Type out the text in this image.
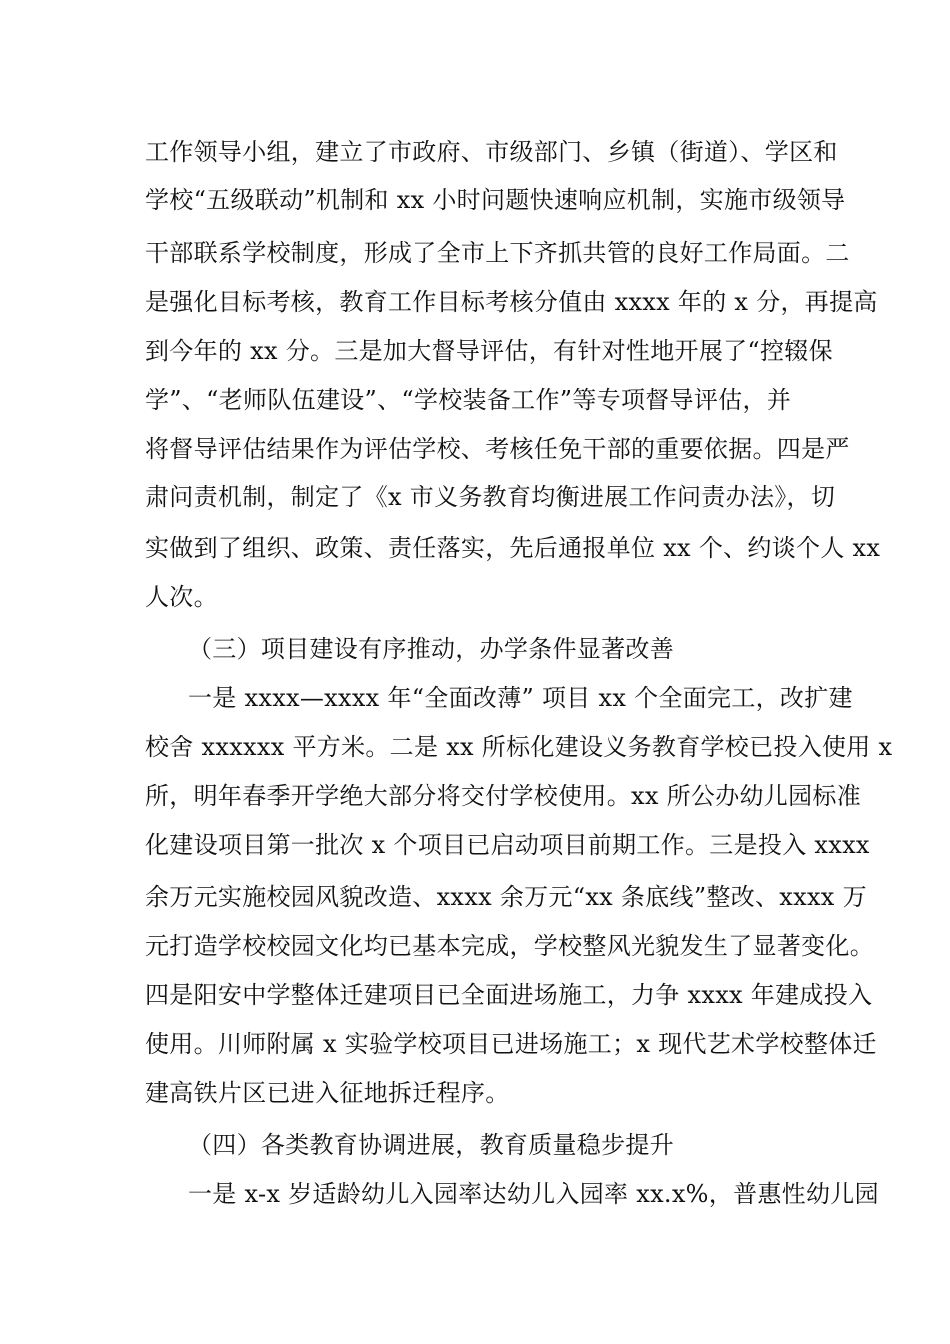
工作领导小组，建立了市政府、市级部门、乡镇（街道）、学区和
学校“五级联动”机制和 xx 小时问题快速响应机制，实施市级领导
干部联系学校制度，形成了全市上下齐抓共管的良好工作局面。二
是强化目标考核，教育工作目标考核分值由 xxxx 年的 x 分，再提高
到今年的 xx 分。三是加大督导评估，有针对性地开展了“控辍保
学”、“老师队伍建设”、“学校装备工作”等专项督导评估，并
将督导评估结果作为评估学校、考核任免干部的重要依据。四是严
肃问责机制，制定了《x 市义务教育均衡进展工作问责办法》，切
实做到了组织、政策、责任落实，先后通报单位 xx 个、约谈个人 xx
人次。
（三）项目建设有序推动，办学条件显著改善
一是 xxxx—xxxx 年“全面改薄” 项目 xx 个全面完工，改扩建
校舍 xxxxxx 平方米。二是 xx 所标化建设义务教育学校已投入使用 x
所，明年春季开学绝大部分将交付学校使用。xx 所公办幼儿园标准
化建设项目第一批次 x 个项目已启动项目前期工作。三是投入 xxxx
余万元实施校园风貌改造、xxxx 余万元“xx 条底线”整改、xxxx 万
元打造学校校园文化均已基本完成，学校整风光貌发生了显著变化。
四是阳安中学整体迁建项目已全面进场施工，力争 xxxx 年建成投入
使用。川师附属 x 实验学校项目已进场施工；x 现代艺术学校整体迁
建高铁片区已进入征地拆迁程序。
（四）各类教育协调进展，教育质量稳步提升
一是 x-x 岁适龄幼儿入园率达幼儿入园率 xx.x%，普惠性幼儿园
